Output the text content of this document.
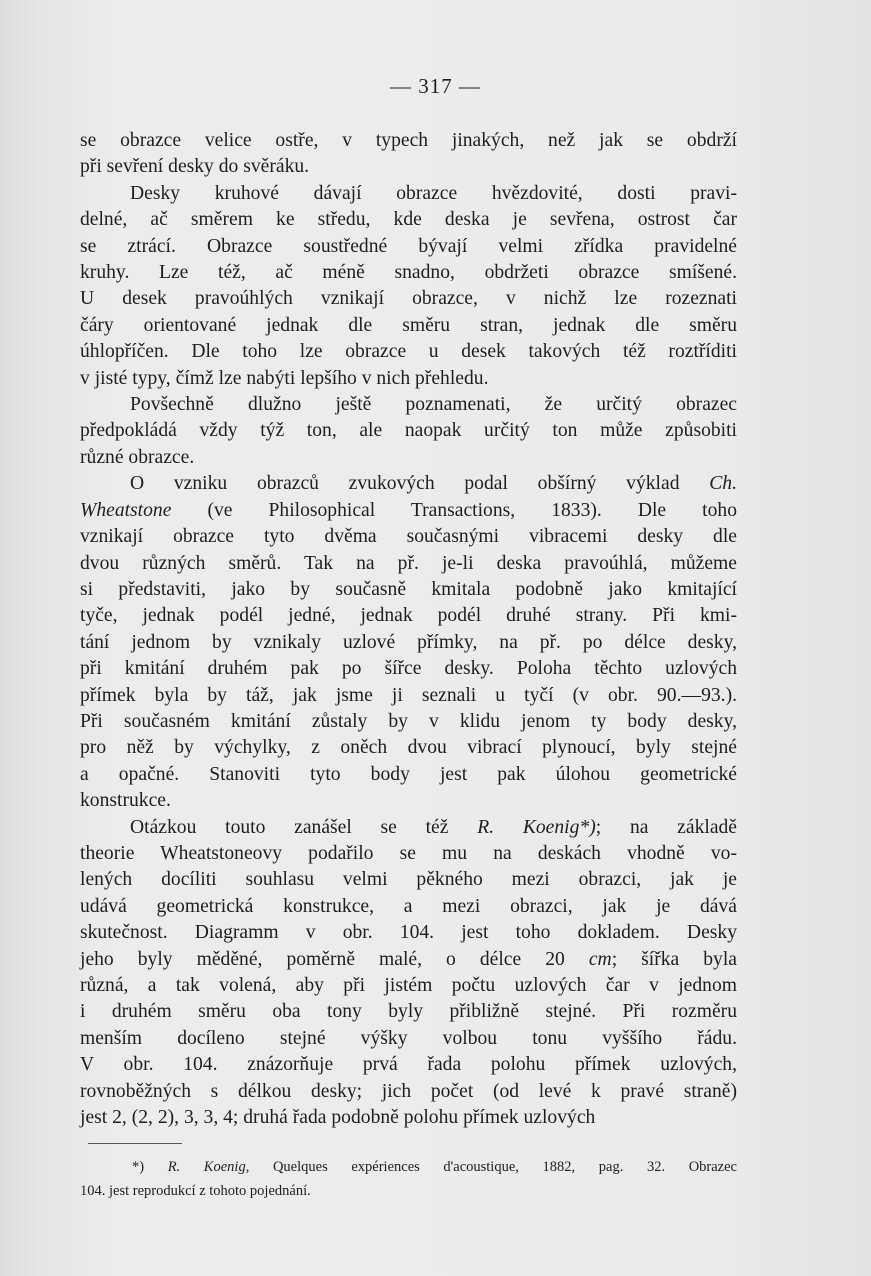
— 317 —

se obrazce velice ostře, v typech jinakých, než jak se obdrží
při sevření desky do svěráku.

Desky kruhové dávají obrazce hvězdovité, dosti pravi-
delné, ač směrem ke středu, kde deska je sevřena, ostrost čar
se ztrácí. Obrazce soustředné bývají velmi zřídka pravidelné
kruhy. Lze též, ač méně snadno, obdržeti obrazce smíšené.
U desek pravoúhlých vznikají obrazce, v nichž lze rozeznati
čáry orientované jednak dle směru stran, jednak dle směru
úhlopříčen. Dle toho lze obrazce u desek takových též roztříditi
v jisté typy, čímž lze nabýti lepšího v nich přehledu.

Povšechně dlužno ještě poznamenati, že určitý obrazec
předpokládá vždy týž ton, ale naopak určitý ton může způsobiti
různé obrazce.

O vzniku obrazců zvukových podal obšírný výklad Ch.
Wheatstone (ve Philosophical Transactions, 1833). Dle toho
vznikají obrazce tyto dvěma současnými vibracemi desky dle
dvou různých směrů. Tak na př. je-li deska pravoúhlá, můžeme
si představiti, jako by současně kmitala podobně jako kmitající
tyče, jednak podél jedné, jednak podél druhé strany. Při kmi-
tání jednom by vznikaly uzlové přímky, na př. po délce desky,
při kmitání druhém pak po šířce desky. Poloha těchto uzlových
přímek byla by táž, jak jsme ji seznali u tyčí (v obr. 90.—93.).
Při současném kmitání zůstaly by v klidu jenom ty body desky,
pro něž by výchylky, z oněch dvou vibrací plynoucí, byly stejné
a opačné. Stanoviti tyto body jest pak úlohou geometrické
konstrukce.

Otázkou touto zanášel se též R. Koenig*); na základě
theorie Wheatstoneovy podařilo se mu na deskách vhodně vo-
lených docíliti souhlasu velmi pěkného mezi obrazci, jak je
udává geometrická konstrukce, a mezi obrazci, jak je dává
skutečnost. Diagramm v obr. 104. jest toho dokladem. Desky
jeho byly měděné, poměrně malé, o délce 20 cm; šířka byla
různá, a tak volená, aby při jistém počtu uzlových čar v jednom
i druhém směru oba tony byly přibližně stejné. Při rozměru
menším docíleno stejné výšky volbou tonu vyššího řádu.
V obr. 104. znázorňuje prvá řada polohu přímek uzlových,
rovnoběžných s délkou desky; jich počet (od levé k pravé straně)
jest 2, (2, 2), 3, 3, 4; druhá řada podobně polohu přímek uzlových

*) R. Koenig, Quelques expériences d'acoustique, 1882, pag. 32. Obrazec
104. jest reprodukcí z tohoto pojednání.
